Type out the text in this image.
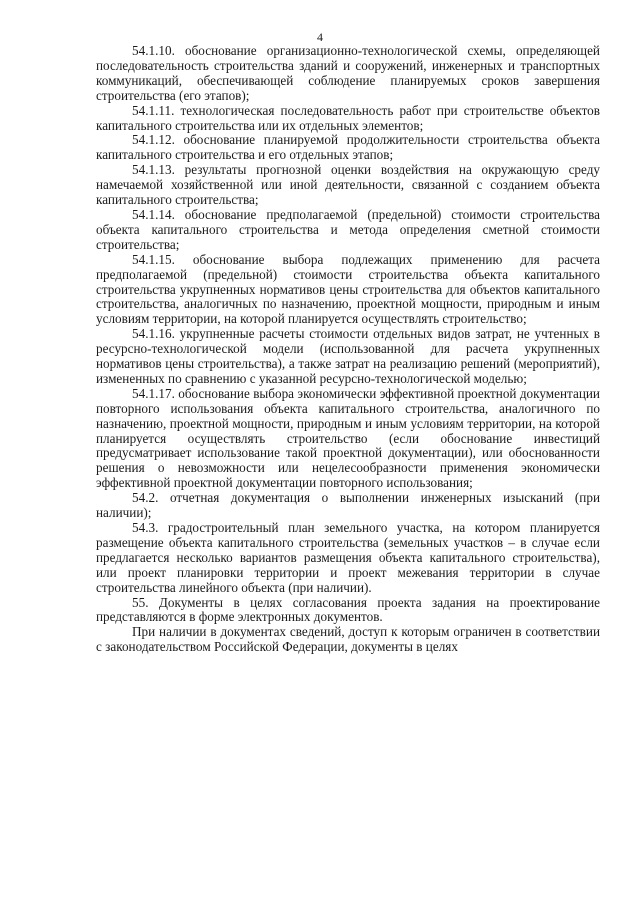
4

54.1.10. обоснование организационно-технологической схемы, определяющей последовательность строительства зданий и сооружений, инженерных и транспортных коммуникаций, обеспечивающей соблюдение планируемых сроков завершения строительства (его этапов);

54.1.11. технологическая последовательность работ при строительстве объектов капитального строительства или их отдельных элементов;

54.1.12. обоснование планируемой продолжительности строительства объекта капитального строительства и его отдельных этапов;

54.1.13. результаты прогнозной оценки воздействия на окружающую среду намечаемой хозяйственной или иной деятельности, связанной с созданием объекта капитального строительства;

54.1.14. обоснование предполагаемой (предельной) стоимости строительства объекта капитального строительства и метода определения сметной стоимости строительства;

54.1.15. обоснование выбора подлежащих применению для расчета предполагаемой (предельной) стоимости строительства объекта капитального строительства укрупненных нормативов цены строительства для объектов капитального строительства, аналогичных по назначению, проектной мощности, природным и иным условиям территории, на которой планируется осуществлять строительство;

54.1.16. укрупненные расчеты стоимости отдельных видов затрат, не учтенных в ресурсно-технологической модели (использованной для расчета укрупненных нормативов цены строительства), а также затрат на реализацию решений (мероприятий), измененных по сравнению с указанной ресурсно-технологической моделью;

54.1.17. обоснование выбора экономически эффективной проектной документации повторного использования объекта капитального строительства, аналогичного по назначению, проектной мощности, природным и иным условиям территории, на которой планируется осуществлять строительство (если обоснование инвестиций предусматривает использование такой проектной документации), или обоснованности решения о невозможности или нецелесообразности применения экономически эффективной проектной документации повторного использования;

54.2. отчетная документация о выполнении инженерных изысканий (при наличии);

54.3. градостроительный план земельного участка, на котором планируется размещение объекта капитального строительства (земельных участков – в случае если предлагается несколько вариантов размещения объекта капитального строительства), или проект планировки территории и проект межевания территории в случае строительства линейного объекта (при наличии).

55. Документы в целях согласования проекта задания на проектирование представляются в форме электронных документов.

При наличии в документах сведений, доступ к которым ограничен в соответствии с законодательством Российской Федерации, документы в целях
